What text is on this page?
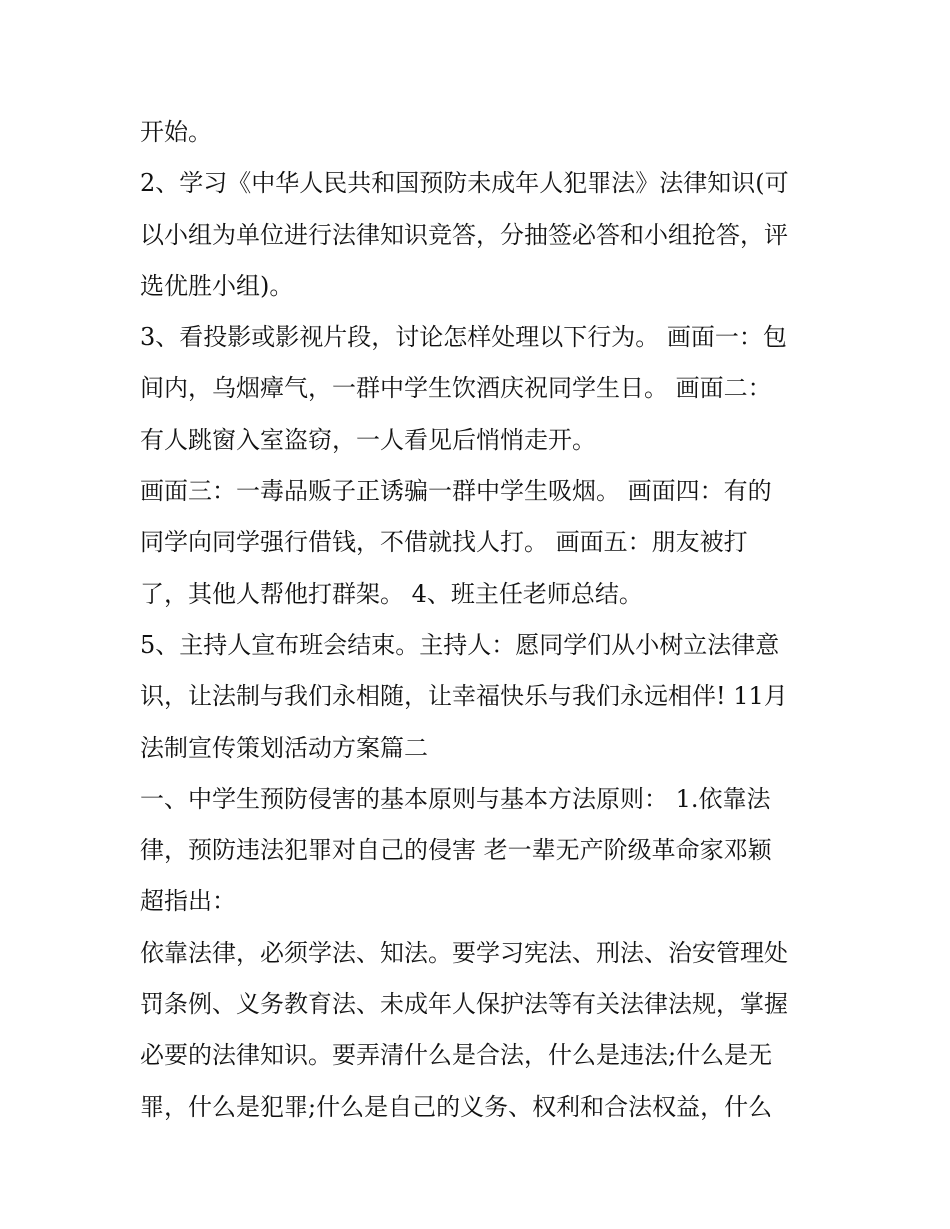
开始。
2、学习《中华人民共和国预防未成年人犯罪法》法律知识(可
以小组为单位进行法律知识竞答，分抽签必答和小组抢答，评
选优胜小组)。
3、看投影或影视片段，讨论怎样处理以下行为。 画面一：包
间内，乌烟瘴气，一群中学生饮酒庆祝同学生日。 画面二：
有人跳窗入室盗窃，一人看见后悄悄走开。
画面三：一毒品贩子正诱骗一群中学生吸烟。 画面四：有的
同学向同学强行借钱，不借就找人打。 画面五：朋友被打
了，其他人帮他打群架。 4、班主任老师总结。
5、主持人宣布班会结束。主持人：愿同学们从小树立法律意
识，让法制与我们永相随，让幸福快乐与我们永远相伴! 11月
法制宣传策划活动方案篇二
一、中学生预防侵害的基本原则与基本方法原则： 1.依靠法
律，预防违法犯罪对自己的侵害 老一辈无产阶级革命家邓颖
超指出：
依靠法律，必须学法、知法。要学习宪法、刑法、治安管理处
罚条例、义务教育法、未成年人保护法等有关法律法规，掌握
必要的法律知识。要弄清什么是合法，什么是违法;什么是无
罪，什么是犯罪;什么是自己的义务、权利和合法权益，什么
